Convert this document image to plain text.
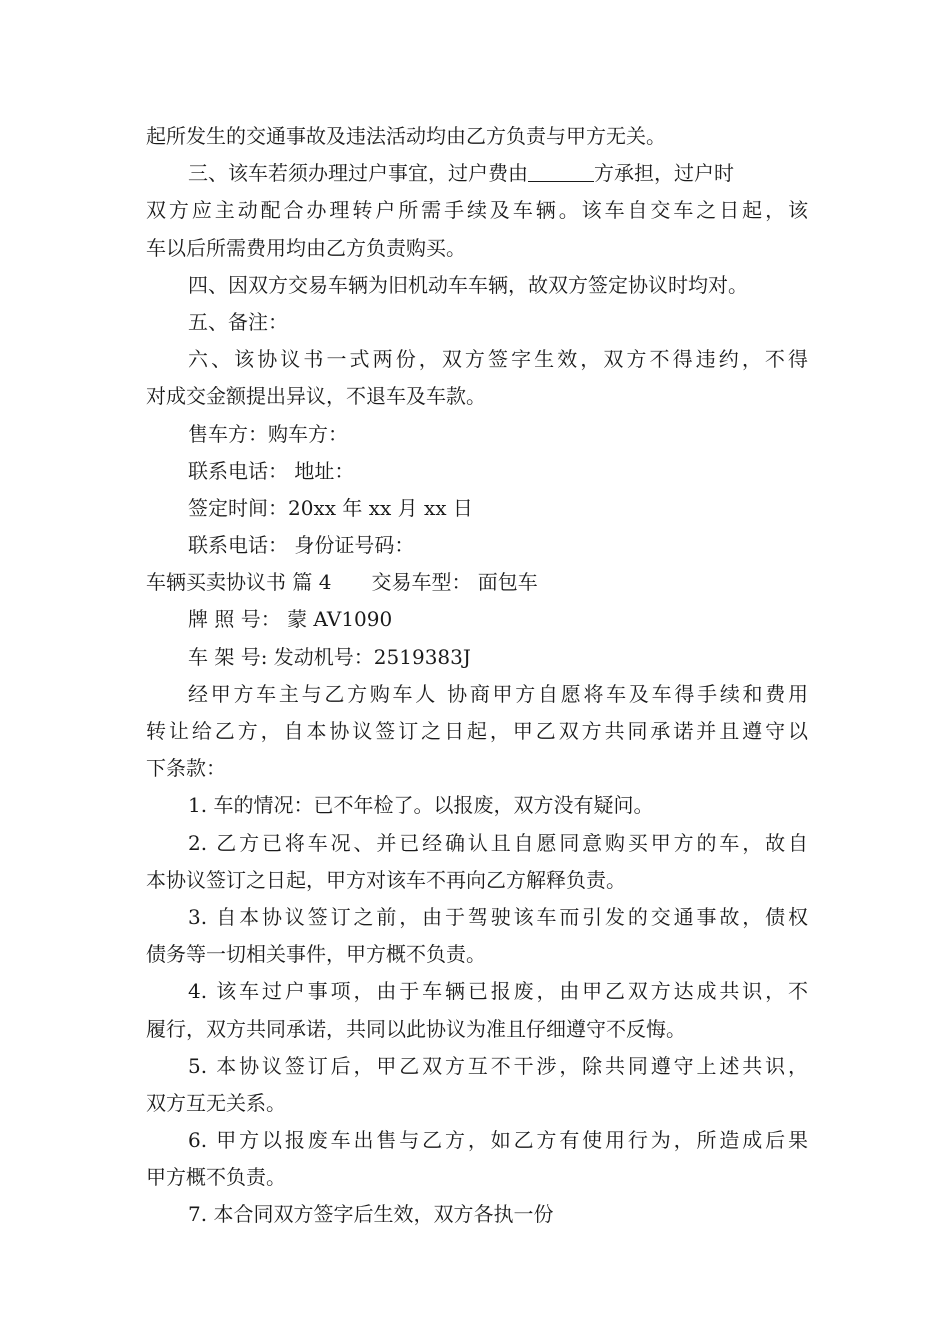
起所发生的交通事故及违法活动均由乙方负责与甲方无关。
三、该车若须办理过户事宜，过户费由	方承担，过户时
双方应主动配合办理转户所需手续及车辆。该车自交车之日起，该
车以后所需费用均由乙方负责购买。
四、因双方交易车辆为旧机动车车辆，故双方签定协议时均对。
五、备注：
六、该协议书一式两份，双方签字生效，双方不得违约，不得
对成交金额提出异议，不退车及车款。
售车方：购车方：
联系电话： 地址：
签定时间：20xx 年 xx 月 xx 日
联系电话： 身份证号码：
车辆买卖协议书 篇 4 交易车型： 面包车
牌 照 号： 蒙 AV1090
车 架 号: 发动机号：2519383J
经甲方车主与乙方购车人 协商甲方自愿将车及车得手续和费用
转让给乙方，自本协议签订之日起，甲乙双方共同承诺并且遵守以
下条款：
1. 车的情况：已不年检了。以报废，双方没有疑问。
2. 乙方已将车况、并已经确认且自愿同意购买甲方的车，故自
本协议签订之日起，甲方对该车不再向乙方解释负责。
3. 自本协议签订之前，由于驾驶该车而引发的交通事故，债权
债务等一切相关事件，甲方概不负责。
4. 该车过户事项，由于车辆已报废，由甲乙双方达成共识，不
履行，双方共同承诺，共同以此协议为准且仔细遵守不反悔。
5. 本协议签订后，甲乙双方互不干涉，除共同遵守上述共识，
双方互无关系。
6. 甲方以报废车出售与乙方，如乙方有使用行为，所造成后果
甲方概不负责。
7. 本合同双方签字后生效，双方各执一份
